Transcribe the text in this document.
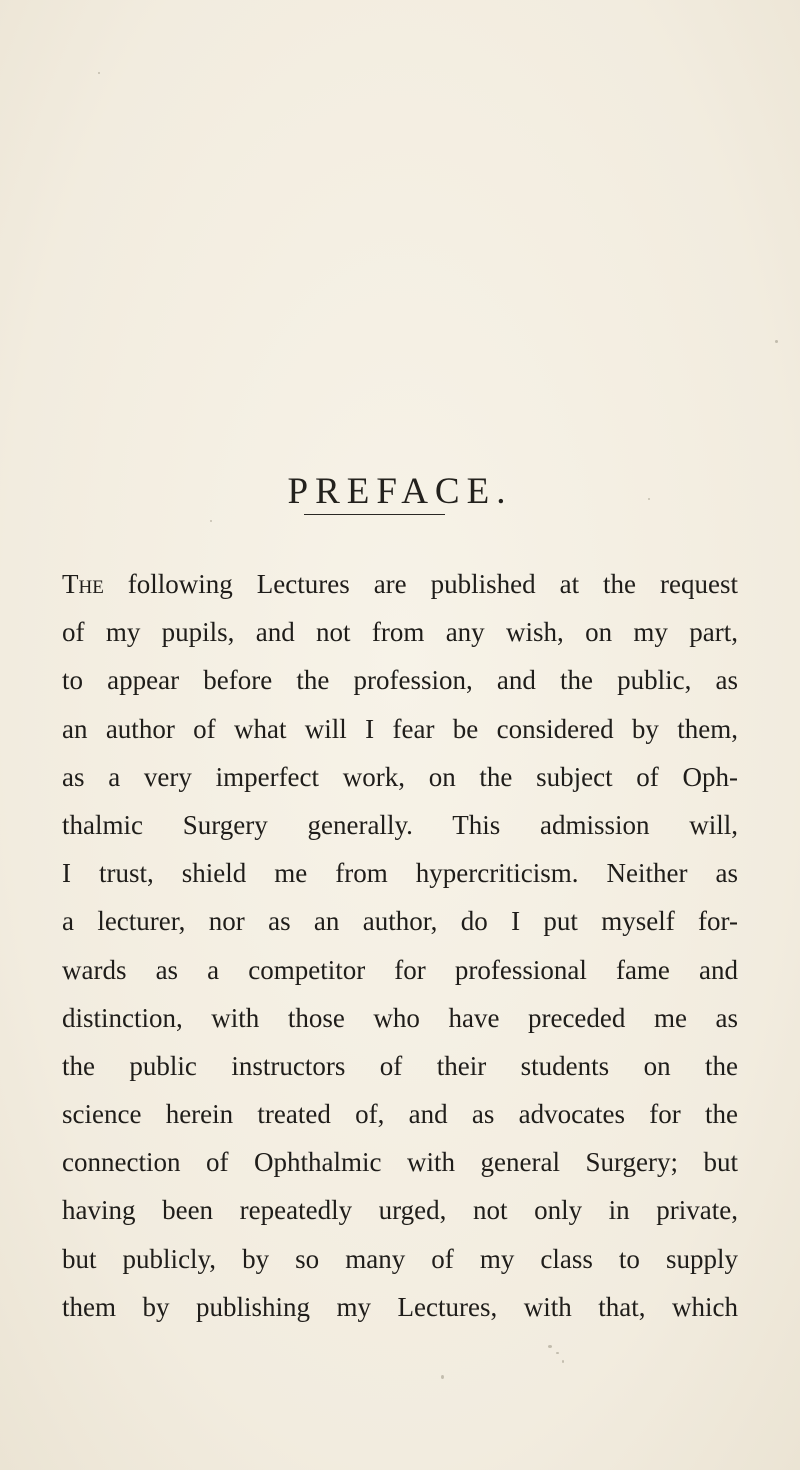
PREFACE.
The following Lectures are published at the request
of my pupils, and not from any wish, on my part,
to appear before the profession, and the public, as
an author of what will I fear be considered by them,
as a very imperfect work, on the subject of Oph-
thalmic Surgery generally. This admission will,
I trust, shield me from hypercriticism. Neither as
a lecturer, nor as an author, do I put myself for-
wards as a competitor for professional fame and
distinction, with those who have preceded me as
the public instructors of their students on the
science herein treated of, and as advocates for the
connection of Ophthalmic with general Surgery; but
having been repeatedly urged, not only in private,
but publicly, by so many of my class to supply
them by publishing my Lectures, with that, which
